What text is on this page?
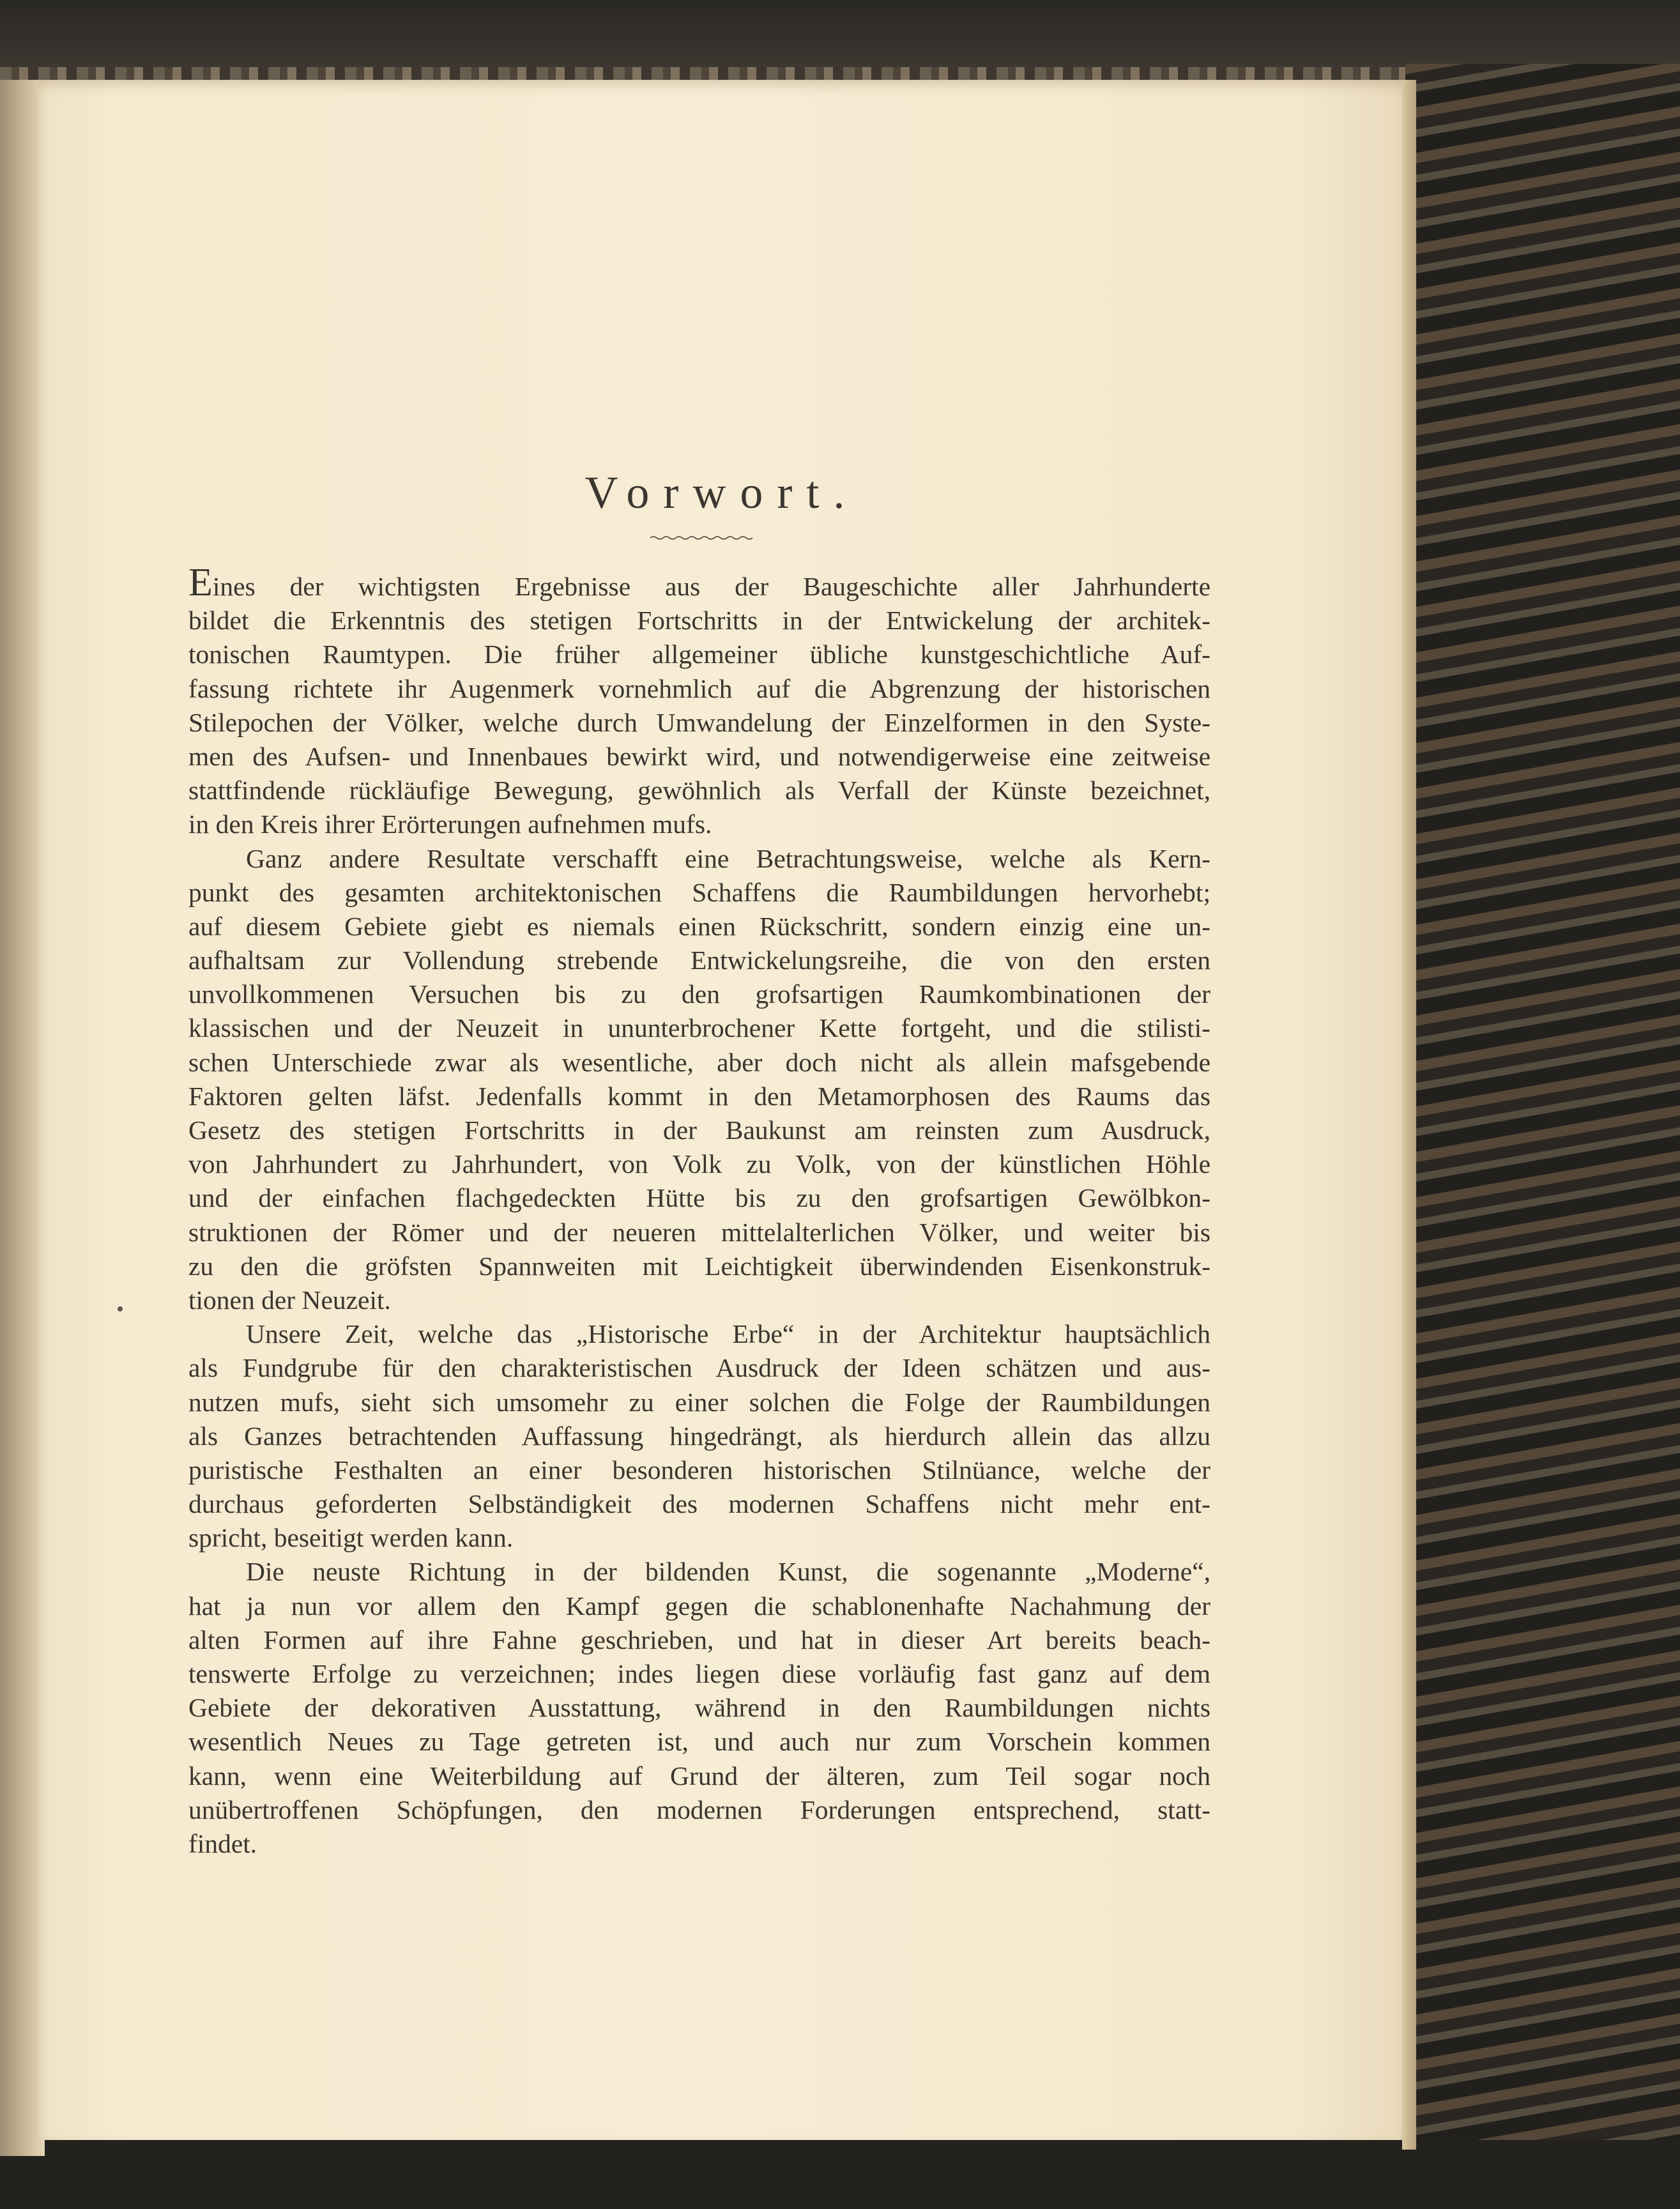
Vorwort.
Eines der wichtigsten Ergebnisse aus der Baugeschichte aller Jahrhunderte
bildet die Erkenntnis des stetigen Fortschritts in der Entwickelung der architek-
tonischen Raumtypen. Die früher allgemeiner übliche kunstgeschichtliche Auf-
fassung richtete ihr Augenmerk vornehmlich auf die Abgrenzung der historischen
Stilepochen der Völker, welche durch Umwandelung der Einzelformen in den Syste-
men des Aufsen- und Innenbaues bewirkt wird, und notwendigerweise eine zeitweise
stattfindende rückläufige Bewegung, gewöhnlich als Verfall der Künste bezeichnet,
in den Kreis ihrer Erörterungen aufnehmen mufs.
Ganz andere Resultate verschafft eine Betrachtungsweise, welche als Kern-
punkt des gesamten architektonischen Schaffens die Raumbildungen hervorhebt;
auf diesem Gebiete giebt es niemals einen Rückschritt, sondern einzig eine un-
aufhaltsam zur Vollendung strebende Entwickelungsreihe, die von den ersten
unvollkommenen Versuchen bis zu den grofsartigen Raumkombinationen der
klassischen und der Neuzeit in ununterbrochener Kette fortgeht, und die stilisti-
schen Unterschiede zwar als wesentliche, aber doch nicht als allein mafsgebende
Faktoren gelten läfst. Jedenfalls kommt in den Metamorphosen des Raums das
Gesetz des stetigen Fortschritts in der Baukunst am reinsten zum Ausdruck,
von Jahrhundert zu Jahrhundert, von Volk zu Volk, von der künstlichen Höhle
und der einfachen flachgedeckten Hütte bis zu den grofsartigen Gewölbkon-
struktionen der Römer und der neueren mittelalterlichen Völker, und weiter bis
zu den die gröfsten Spannweiten mit Leichtigkeit überwindenden Eisenkonstruk-
tionen der Neuzeit.
Unsere Zeit, welche das „Historische Erbe“ in der Architektur hauptsächlich
als Fundgrube für den charakteristischen Ausdruck der Ideen schätzen und aus-
nutzen mufs, sieht sich umsomehr zu einer solchen die Folge der Raumbildungen
als Ganzes betrachtenden Auffassung hingedrängt, als hierdurch allein das allzu
puristische Festhalten an einer besonderen historischen Stilnüance, welche der
durchaus geforderten Selbständigkeit des modernen Schaffens nicht mehr ent-
spricht, beseitigt werden kann.
Die neuste Richtung in der bildenden Kunst, die sogenannte „Moderne“,
hat ja nun vor allem den Kampf gegen die schablonenhafte Nachahmung der
alten Formen auf ihre Fahne geschrieben, und hat in dieser Art bereits beach-
tenswerte Erfolge zu verzeichnen; indes liegen diese vorläufig fast ganz auf dem
Gebiete der dekorativen Ausstattung, während in den Raumbildungen nichts
wesentlich Neues zu Tage getreten ist, und auch nur zum Vorschein kommen
kann, wenn eine Weiterbildung auf Grund der älteren, zum Teil sogar noch
unübertroffenen Schöpfungen, den modernen Forderungen entsprechend, statt-
findet.
